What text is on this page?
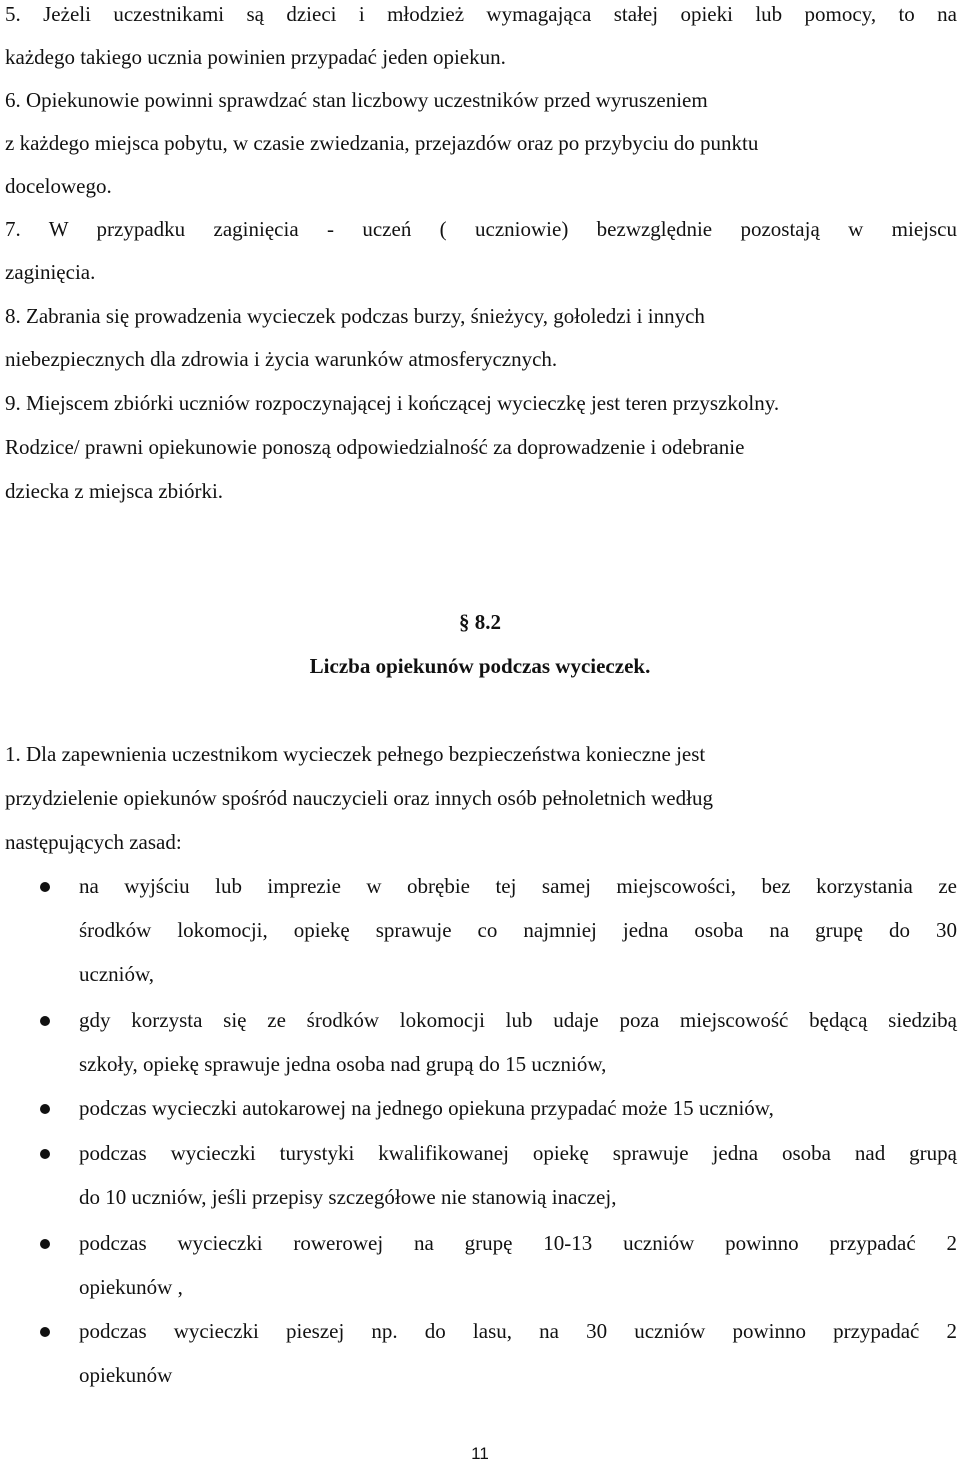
5. Jeżeli uczestnikami są dzieci i młodzież wymagająca stałej opieki lub pomocy, to na
każdego takiego ucznia powinien przypadać jeden opiekun.
6. Opiekunowie powinni sprawdzać stan liczbowy uczestników przed wyruszeniem
z każdego miejsca pobytu, w czasie zwiedzania, przejazdów oraz po przybyciu do punktu
docelowego.
7. W przypadku zaginięcia - uczeń ( uczniowie) bezwzględnie pozostają w miejscu
zaginięcia.
8. Zabrania się prowadzenia wycieczek podczas burzy, śnieżycy, gołoledzi i innych
niebezpiecznych dla zdrowia i życia warunków atmosferycznych.
9. Miejscem zbiórki uczniów rozpoczynającej i kończącej wycieczkę jest teren przyszkolny.
Rodzice/ prawni opiekunowie ponoszą odpowiedzialność za doprowadzenie i odebranie
dziecka z miejsca zbiórki.
§ 8.2
Liczba opiekunów podczas wycieczek.
1. Dla zapewnienia uczestnikom wycieczek pełnego bezpieczeństwa konieczne jest
przydzielenie opiekunów spośród nauczycieli oraz innych osób pełnoletnich według
następujących zasad:
na wyjściu lub imprezie w obrębie tej samej miejscowości, bez korzystania ze
środków lokomocji, opiekę sprawuje co najmniej jedna osoba na grupę do 30
uczniów,
gdy korzysta się ze środków lokomocji lub udaje poza miejscowość będącą siedzibą
szkoły, opiekę sprawuje jedna osoba nad grupą do 15 uczniów,
podczas wycieczki autokarowej na jednego opiekuna przypadać może 15 uczniów,
podczas wycieczki turystyki kwalifikowanej opiekę sprawuje jedna osoba nad grupą
do 10 uczniów, jeśli przepisy szczegółowe nie stanowią inaczej,
podczas wycieczki rowerowej na grupę 10-13 uczniów powinno przypadać 2
opiekunów ,
podczas wycieczki pieszej np. do lasu, na 30 uczniów powinno przypadać 2
opiekunów
11
